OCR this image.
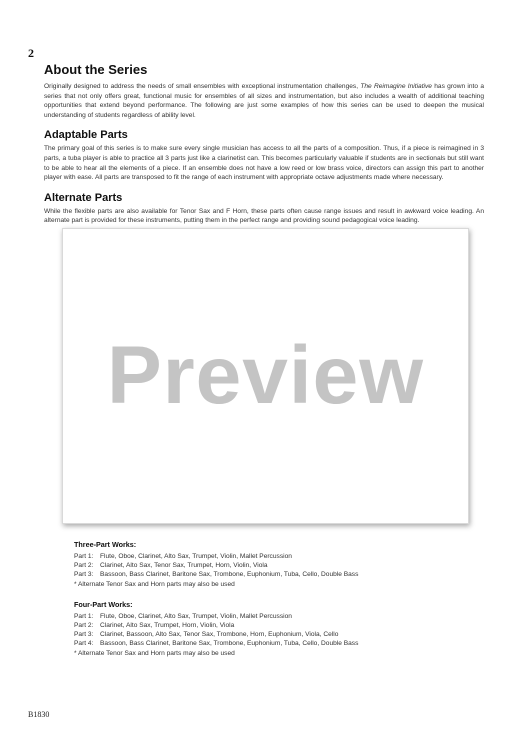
2
About the Series

Originally designed to address the needs of small ensembles with exceptional instrumentation challenges, The Reimagine Initiative has grown into a series that not only offers great, functional music for ensembles of all sizes and instrumentation, but also includes a wealth of additional teaching opportunities that extend beyond performance. The following are just some examples of how this series can be used to deepen the musical understanding of students regardless of ability level.

Adaptable Parts

The primary goal of this series is to make sure every single musician has access to all the parts of a composition. Thus, if a piece is reimagined in 3 parts, a tuba player is able to practice all 3 parts just like a clarinetist can. This becomes particularly valuable if students are in sectionals but still want to be able to hear all the elements of a piece. If an ensemble does not have a low reed or low brass voice, directors can assign this part to another player with ease. All parts are transposed to fit the range of each instrument with appropriate octave adjustments made where necessary.

Alternate Parts

While the flexible parts are also available for Tenor Sax and F Horn, these parts often cause range issues and result in awkward voice leading. An alternate part is provided for these instruments, putting them in the perfect range and providing sound pedagogical voice leading.

Preview
Three-Part Works:
Part 1: Flute, Oboe, Clarinet, Alto Sax, Trumpet, Violin, Mallet Percussion
Part 2: Clarinet, Alto Sax, Tenor Sax, Trumpet, Horn, Violin, Viola
Part 3: Bassoon, Bass Clarinet, Baritone Sax, Trombone, Euphonium, Tuba, Cello, Double Bass
* Alternate Tenor Sax and Horn parts may also be used
Four-Part Works:
Part 1: Flute, Oboe, Clarinet, Alto Sax, Trumpet, Violin, Mallet Percussion
Part 2: Clarinet, Alto Sax, Trumpet, Horn, Violin, Viola
Part 3: Clarinet, Bassoon, Alto Sax, Tenor Sax, Trombone, Horn, Euphonium, Viola, Cello
Part 4: Bassoon, Bass Clarinet, Baritone Sax, Trombone, Euphonium, Tuba, Cello, Double Bass
* Alternate Tenor Sax and Horn parts may also be used
B1830
